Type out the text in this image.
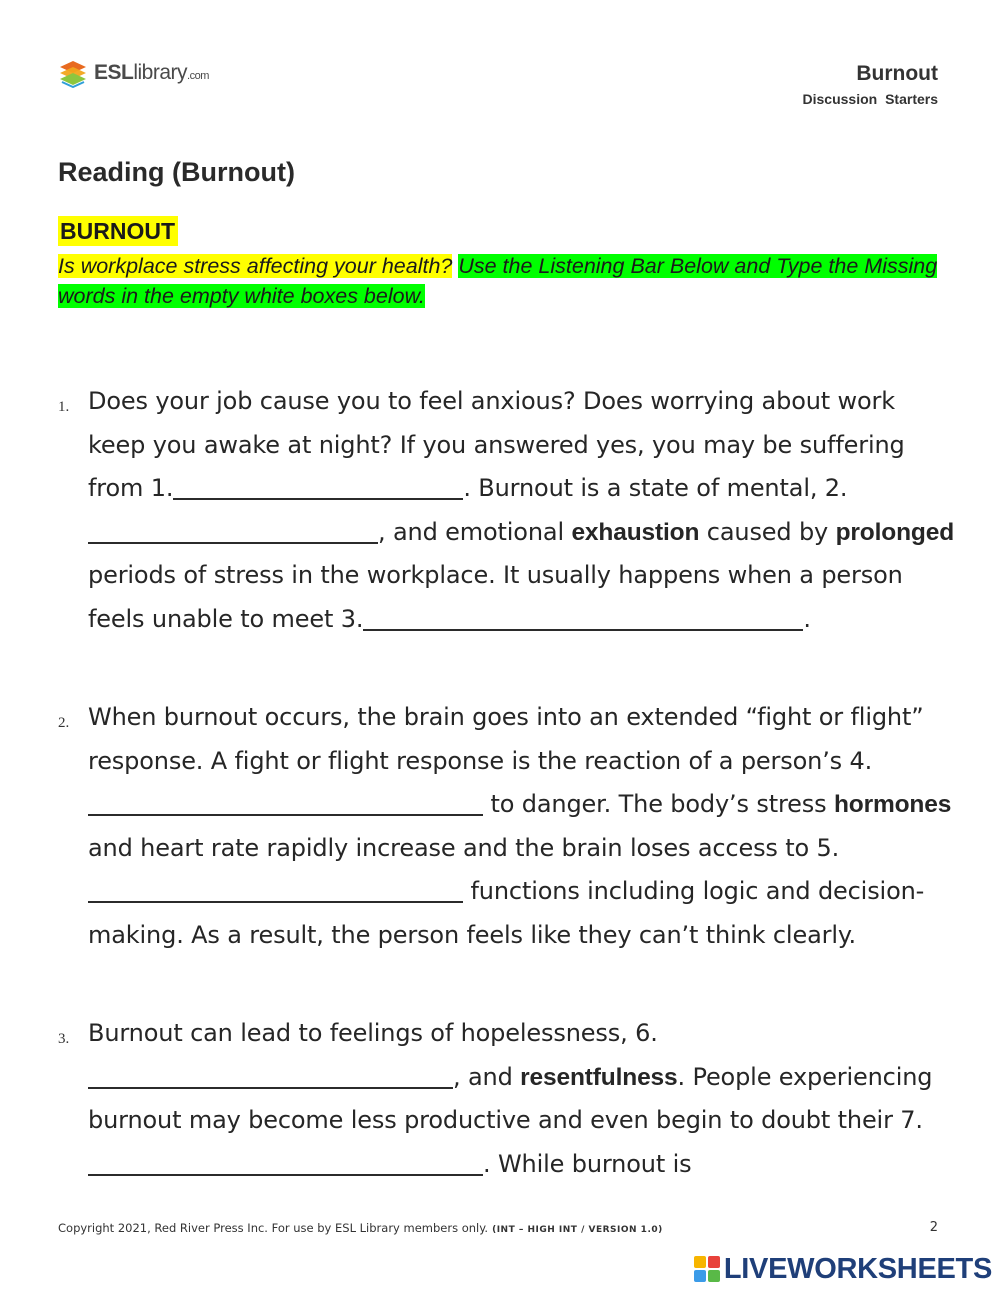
ESLlibrary.com	Burnout
Discussion Starters
Reading (Burnout)
BURNOUT
Is workplace stress affecting your health? Use the Listening Bar Below and Type the Missing words in the empty white boxes below.
1. Does your job cause you to feel anxious? Does worrying about work keep you awake at night? If you answered yes, you may be suffering from 1.	. Burnout is a state of mental, 2., and emotional exhaustion caused by prolonged periods of stress in the workplace. It usually happens when a person feels unable to meet 3.	.
2. When burnout occurs, the brain goes into an extended “fight or flight” response. A fight or flight response is the reaction of a person’s 4. to danger. The body’s stress hormones and heart rate rapidly increase and the brain loses access to 5. functions including logic and decision-making. As a result, the person feels like they can’t think clearly.
3. Burnout can lead to feelings of hopelessness, 6., and resentfulness. People experiencing burnout may become less productive and even begin to doubt their 7.. While burnout is
Copyright 2021, Red River Press Inc. For use by ESL Library members only. (INT – HIGH INT / VERSION 1.0)	2
LIVEWORKSHEETS
